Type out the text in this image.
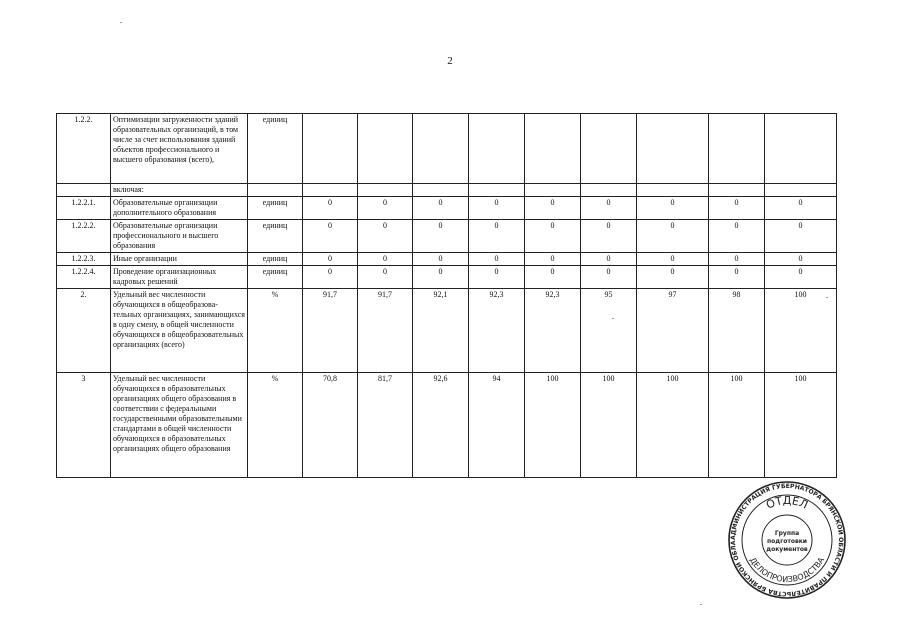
2
1.2.2.	Оптимизации загруженности зданий образовательных организаций, в том числе за счет использования зданий объектов профессионального и высшего образования (всего),	единиц									
	включая:										
1.2.2.1.	Образовательные организации дополнительного образования	единиц	0	0	0	0	0	0	0	0	0
1.2.2.2.	Образовательные организации профессионального и высшего образования	единиц	0	0	0	0	0	0	0	0	0
1.2.2.3.	Иные организации	единиц	0	0	0	0	0	0	0	0	0
1.2.2.4.	Проведение организационных кадровых решений	единиц	0	0	0	0	0	0	0	0	0
2.	Удельный вес численности обучающихся в общеобразова-тельных организациях, занимающихся в одну смену, в общей численности обучающихся в общеобразовательных организациях (всего)	%	91,7	91,7	92,1	92,3	92,3	95	97	98	100
3	Удельный вес численности обучающихся в образовательных организациях общего образования в соответствии с федеральными государственными образовательными стандартами в общей численности обучающихся в образовательных организациях общего образования	%	70,8	81,7	92,6	94	100	100	100	100	100
АДМИНИСТРАЦИЯ ГУБЕРНАТОРА БРЯНСКОЙ ОБЛАСТИ И ПРАВИТЕЛЬСТВА БРЯНСКОЙ ОБЛА
ОТДЕЛ
ДЕЛОПРОИЗВОДСТВА
Группа
подготовки
документов
